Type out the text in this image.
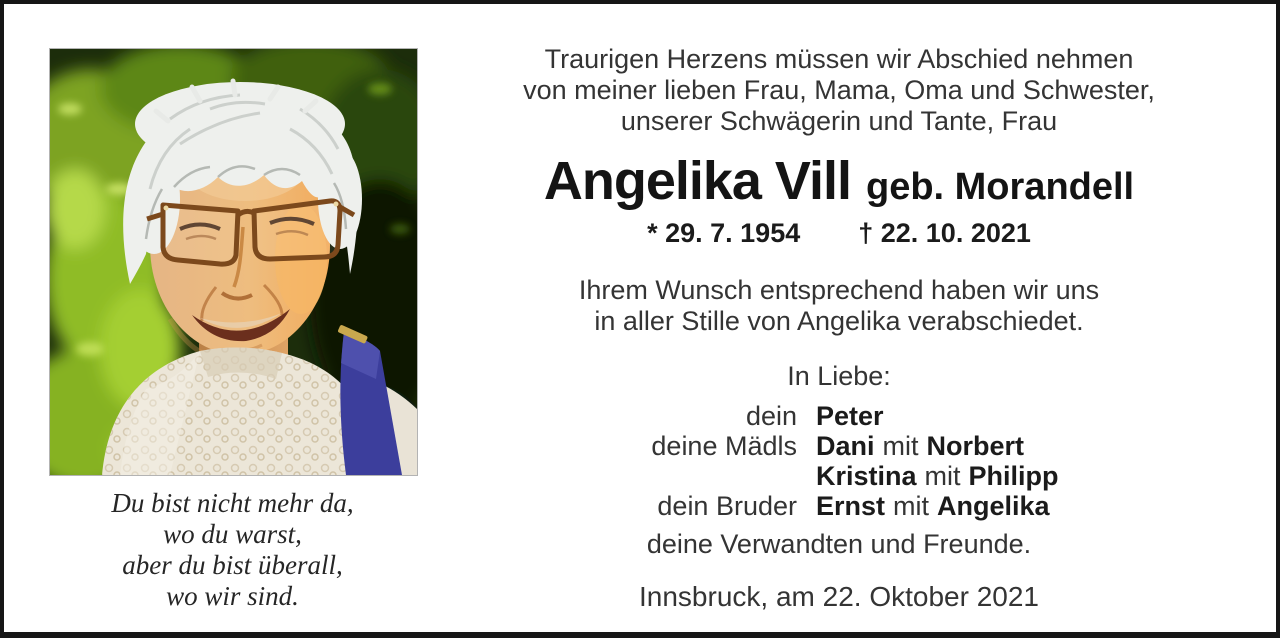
Du bist nicht mehr da,
wo du warst,
aber du bist überall,
wo wir sind.
Traurigen Herzens müssen wir Abschied nehmen
von meiner lieben Frau, Mama, Oma und Schwester,
unserer Schwägerin und Tante, Frau
Angelika Vill geb. Morandell
* 29. 7. 1954 † 22. 10. 2021
Ihrem Wunsch entsprechend haben wir uns
in aller Stille von Angelika verabschiedet.
In Liebe:
dein Peter
deine Mädls Dani mit Norbert
Kristina mit Philipp
dein Bruder Ernst mit Angelika
deine Verwandten und Freunde.
Innsbruck, am 22. Oktober 2021
